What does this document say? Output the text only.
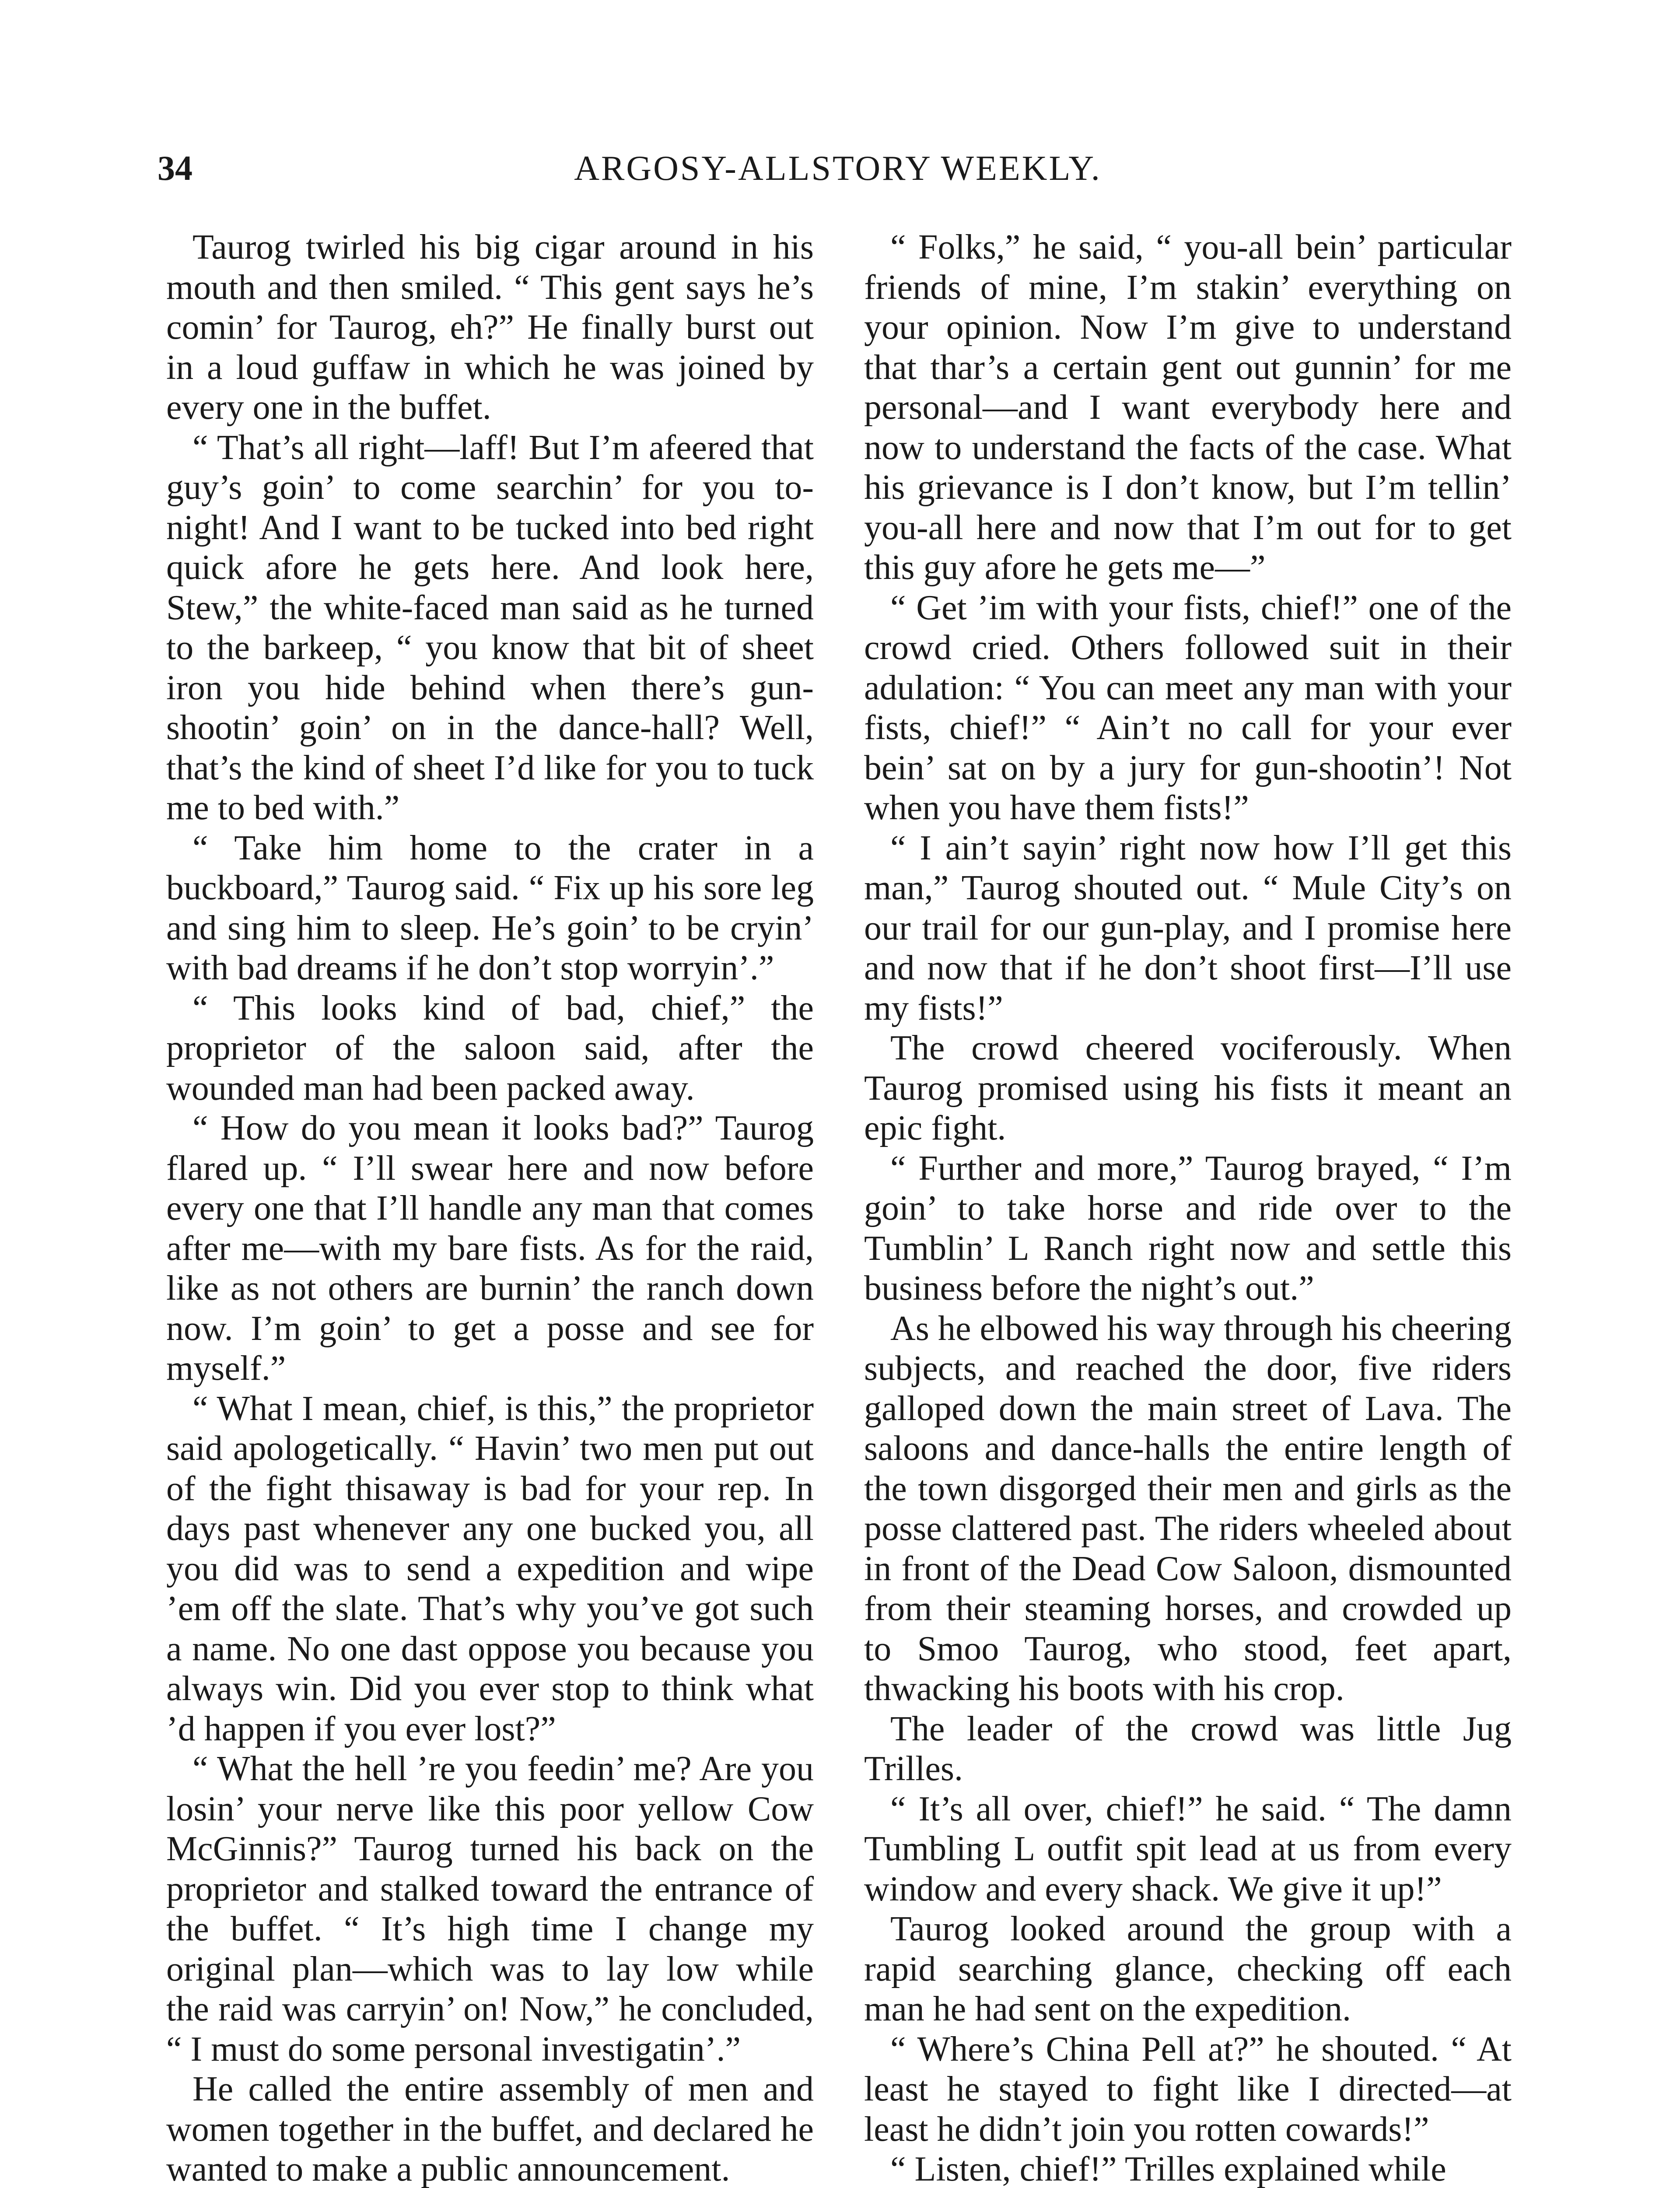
34	ARGOSY-ALLSTORY WEEKLY.

Taurog twirled his big cigar around in his mouth and then smiled. “ This gent says he’s comin’ for Taurog, eh?” He finally burst out in a loud guffaw in which he was joined by every one in the buffet.

“ That’s all right—laff! But I’m afeered that guy’s goin’ to come searchin’ for you to-night! And I want to be tucked into bed right quick afore he gets here. And look here, Stew,” the white-faced man said as he turned to the barkeep, “ you know that bit of sheet iron you hide behind when there’s gun-shootin’ goin’ on in the dance-hall? Well, that’s the kind of sheet I’d like for you to tuck me to bed with.”

“ Take him home to the crater in a buckboard,” Taurog said. “ Fix up his sore leg and sing him to sleep. He’s goin’ to be cryin’ with bad dreams if he don’t stop worryin’.”

“ This looks kind of bad, chief,” the proprietor of the saloon said, after the wounded man had been packed away.

“ How do you mean it looks bad?” Taurog flared up. “ I’ll swear here and now before every one that I’ll handle any man that comes after me—with my bare fists. As for the raid, like as not others are burnin’ the ranch down now. I’m goin’ to get a posse and see for myself.”

“ What I mean, chief, is this,” the proprietor said apologetically. “ Havin’ two men put out of the fight thisaway is bad for your rep. In days past whenever any one bucked you, all you did was to send a expedition and wipe ’em off the slate. That’s why you’ve got such a name. No one dast oppose you because you always win. Did you ever stop to think what ’d happen if you ever lost?”

“ What the hell ’re you feedin’ me? Are you losin’ your nerve like this poor yellow Cow McGinnis?” Taurog turned his back on the proprietor and stalked toward the entrance of the buffet. “ It’s high time I change my original plan—which was to lay low while the raid was carryin’ on! Now,” he concluded, “ I must do some personal investigatin’.”

He called the entire assembly of men and women together in the buffet, and declared he wanted to make a public announcement.

“ Folks,” he said, “ you-all bein’ particular friends of mine, I’m stakin’ everything on your opinion. Now I’m give to understand that thar’s a certain gent out gunnin’ for me personal—and I want everybody here and now to understand the facts of the case. What his grievance is I don’t know, but I’m tellin’ you-all here and now that I’m out for to get this guy afore he gets me—”

“ Get ’im with your fists, chief!” one of the crowd cried. Others followed suit in their adulation: “ You can meet any man with your fists, chief!” “ Ain’t no call for your ever bein’ sat on by a jury for gun-shootin’! Not when you have them fists!”

“ I ain’t sayin’ right now how I’ll get this man,” Taurog shouted out. “ Mule City’s on our trail for our gun-play, and I promise here and now that if he don’t shoot first—I’ll use my fists!”

The crowd cheered vociferously. When Taurog promised using his fists it meant an epic fight.

“ Further and more,” Taurog brayed, “ I’m goin’ to take horse and ride over to the Tumblin’ L Ranch right now and settle this business before the night’s out.”

As he elbowed his way through his cheering subjects, and reached the door, five riders galloped down the main street of Lava. The saloons and dance-halls the entire length of the town disgorged their men and girls as the posse clattered past. The riders wheeled about in front of the Dead Cow Saloon, dismounted from their steaming horses, and crowded up to Smoo Taurog, who stood, feet apart, thwacking his boots with his crop.

The leader of the crowd was little Jug Trilles.

“ It’s all over, chief!” he said. “ The damn Tumbling L outfit spit lead at us from every window and every shack. We give it up!”

Taurog looked around the group with a rapid searching glance, checking off each man he had sent on the expedition.

“ Where’s China Pell at?” he shouted. “ At least he stayed to fight like I directed—at least he didn’t join you rotten cowards!”

“ Listen, chief!” Trilles explained while
